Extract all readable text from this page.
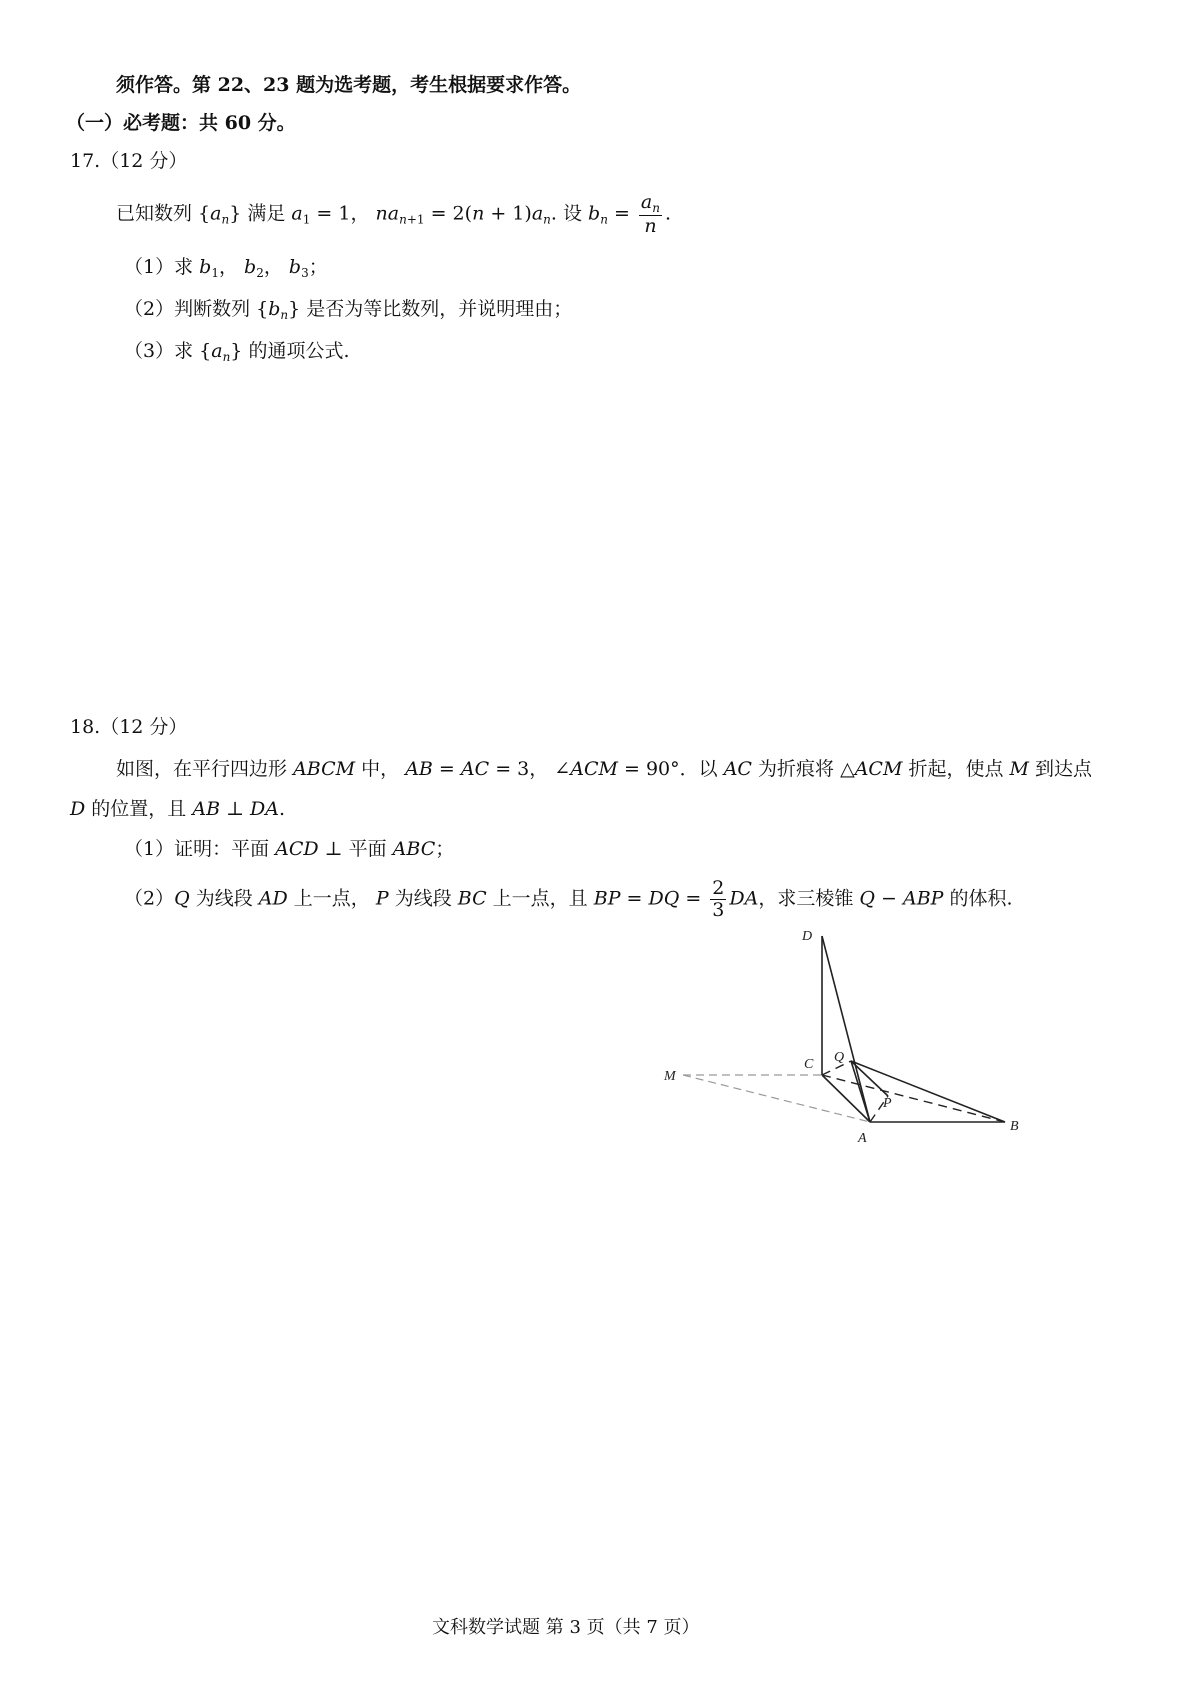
须作答。第 22、23 题为选考题，考生根据要求作答。
（一）必考题：共 60 分。
17.（12 分）
已知数列 $\{a_n\}$ 满足 $a_1 = 1$， $na_{n+1} = 2(n + 1)a_n$. 设 $b_n = \frac{a_n}{n}$ .
（1）求 $b_1$， $b_2$， $b_3$；
（2）判断数列 $\{b_n\}$ 是否为等比数列，并说明理由；
（3）求 $\{a_n\}$ 的通项公式.
18.（12 分）
如图，在平行四边形 ABCM 中， AB = AC = 3， ∠ACM = 90°．以 AC 为折痕将 △ACM 折起，使点 M 到达点
D 的位置，且 AB ⊥ DA.
（1）证明：平面 ACD ⊥ 平面 ABC；
（2）Q 为线段 AD 上一点， P 为线段 BC 上一点，且 BP = DQ = $\frac{2}{3}$ DA，求三棱锥 Q − ABP 的体积.
D
C Q
M
P
A
B
文科数学试题 第 3 页（共 7 页）
